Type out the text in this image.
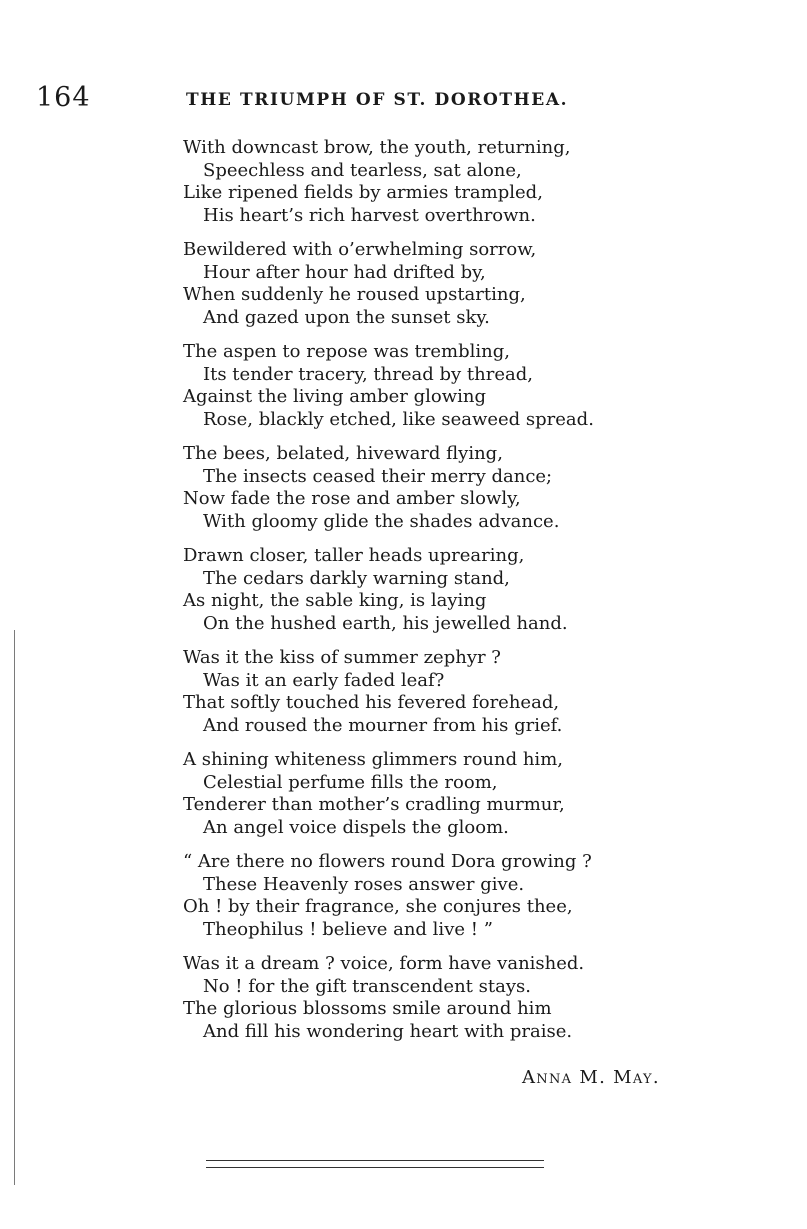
164	THE TRIUMPH OF ST. DOROTHEA.
With downcast brow, the youth, returning,
Speechless and tearless, sat alone,
Like ripened fields by armies trampled,
His heart’s rich harvest overthrown.
Bewildered with o’erwhelming sorrow,
Hour after hour had drifted by,
When suddenly he roused upstarting,
And gazed upon the sunset sky.
The aspen to repose was trembling,
Its tender tracery, thread by thread,
Against the living amber glowing
Rose, blackly etched, like seaweed spread.
The bees, belated, hiveward flying,
The insects ceased their merry dance;
Now fade the rose and amber slowly,
With gloomy glide the shades advance.
Drawn closer, taller heads uprearing,
The cedars darkly warning stand,
As night, the sable king, is laying
On the hushed earth, his jewelled hand.
Was it the kiss of summer zephyr ?
Was it an early faded leaf?
That softly touched his fevered forehead,
And roused the mourner from his grief.
A shining whiteness glimmers round him,
Celestial perfume fills the room,
Tenderer than mother’s cradling murmur,
An angel voice dispels the gloom.
“ Are there no flowers round Dora growing ?
These Heavenly roses answer give.
Oh ! by their fragrance, she conjures thee,
Theophilus ! believe and live ! ”
Was it a dream ? voice, form have vanished.
No ! for the gift transcendent stays.
The glorious blossoms smile around him
And fill his wondering heart with praise.
Anna M. May.
